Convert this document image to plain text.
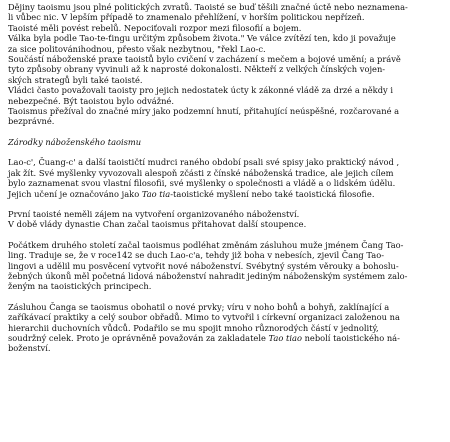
Dějiny taoismu jsou plné politických zvratů. Taoisté se buď těšili značné úctě nebo neznamena-
li vůbec nic. V lepším případě to znamenalo přehlížení, v horším politickou nepřízeň.
Taoisté měli povést rebelů. Nepociťovali rozpor mezi filosofií a bojem.
Válka byla podle Tao-te-ťingu určitým způsobem života." Ve válce zvítězí ten, kdo ji považuje
za sice politovánihodnou, přesto však nezbytnou, "řekl Lao-c.
Součástí náboženské praxe taoistů bylo cvičení v zacházení s mečem a bojové umění; a právě
tyto způsoby obrany vyvinuli až k naprosté dokonalosti. Někteří z velkých čínských vojen-
ských strategů byli také taoisté.
Vládci často považovali taoisty pro jejich nedostatek úcty k zákonné vládě za drzé a někdy i
nebezpečné. Být taoistou bylo odvážné.
Taoismus přežíval do značné míry jako podzemní hnutí, přitahující neúspěšné, rozčarované a
bezprávné.
Zárodky náboženského taoismu
Lao-c', Čuang-c' a další taoističtí mudrci raného období psali své spisy jako praktický návod ,
jak žít. Své myšlenky vyvozovali alespoň zčásti z čínské náboženská tradice, ale jejich cílem
bylo zaznamenat svou vlastní filosofii, své myšlenky o společnosti a vládě a o lidském údělu.
Jejich učení je označováno jako Tao tia-taoistické myšlení nebo také taoistická filosofie.
První taoisté neměli zájem na vytvoření organizovaného náboženství.
V době vlády dynastie Chan začal taoismus přitahovat další stoupence.
Počátkem druhého století začal taoismus podléhat změnám zásluhou muže jménem Čang Tao-
ling. Traduje se, že v roce142 se duch Lao-c'a, tehdy již boha v nebesích, zjevil Čang Tao-
lingovi a udělil mu posvěcení vytvořit nové náboženství. Svébytný systém věrouky a bohoslu-
žebných úkonů měl početná lidová náboženství nahradit jediným náboženským systémem zalo-
ženým na taoistických principech.
Zásluhou Čanga se taoismus obohatil o nové prvky; víru v noho bohů a bohyň, zaklínající a
zaříkávací praktiky a celý soubor obřadů. Mimo to vytvořil i církevní organizaci založenou na
hierarchii duchovních vůdců. Podařilo se mu spojit mnoho různorodých částí v jednolitý,
soudržný celek. Proto je oprávněně považován za zakladatele Tao tiao nebolí taoistického ná-
boženství.
